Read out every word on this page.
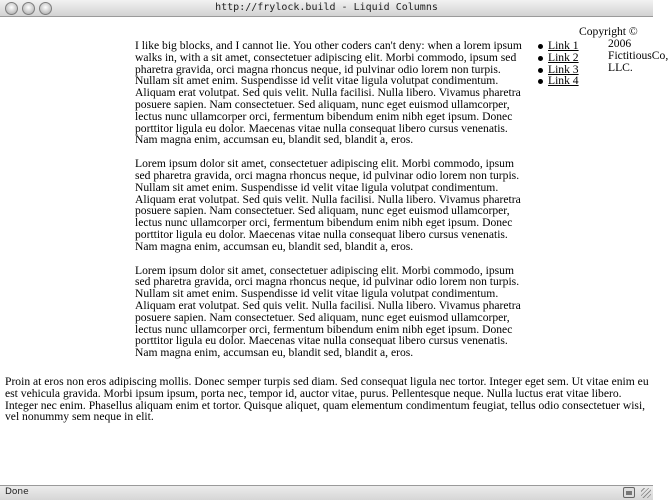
http://frylock.build - Liquid Columns

I like big blocks, and I cannot lie. You other coders can't deny: when a lorem ipsum walks in, with a sit amet, consectetuer adipiscing elit. Morbi commodo, ipsum sed pharetra gravida, orci magna rhoncus neque, id pulvinar odio lorem non turpis. Nullam sit amet enim. Suspendisse id velit vitae ligula volutpat condimentum. Aliquam erat volutpat. Sed quis velit. Nulla facilisi. Nulla libero. Vivamus pharetra posuere sapien. Nam consectetuer. Sed aliquam, nunc eget euismod ullamcorper, lectus nunc ullamcorper orci, fermentum bibendum enim nibh eget ipsum. Donec porttitor ligula eu dolor. Maecenas vitae nulla consequat libero cursus venenatis. Nam magna enim, accumsan eu, blandit sed, blandit a, eros.

Lorem ipsum dolor sit amet, consectetuer adipiscing elit. Morbi commodo, ipsum sed pharetra gravida, orci magna rhoncus neque, id pulvinar odio lorem non turpis. Nullam sit amet enim. Suspendisse id velit vitae ligula volutpat condimentum. Aliquam erat volutpat. Sed quis velit. Nulla facilisi. Nulla libero. Vivamus pharetra posuere sapien. Nam consectetuer. Sed aliquam, nunc eget euismod ullamcorper, lectus nunc ullamcorper orci, fermentum bibendum enim nibh eget ipsum. Donec porttitor ligula eu dolor. Maecenas vitae nulla consequat libero cursus venenatis. Nam magna enim, accumsan eu, blandit sed, blandit a, eros.

Lorem ipsum dolor sit amet, consectetuer adipiscing elit. Morbi commodo, ipsum sed pharetra gravida, orci magna rhoncus neque, id pulvinar odio lorem non turpis. Nullam sit amet enim. Suspendisse id velit vitae ligula volutpat condimentum. Aliquam erat volutpat. Sed quis velit. Nulla facilisi. Nulla libero. Vivamus pharetra posuere sapien. Nam consectetuer. Sed aliquam, nunc eget euismod ullamcorper, lectus nunc ullamcorper orci, fermentum bibendum enim nibh eget ipsum. Donec porttitor ligula eu dolor. Maecenas vitae nulla consequat libero cursus venenatis. Nam magna enim, accumsan eu, blandit sed, blandit a, eros.

Copyright ©
2006 FictitiousCo, LLC.
Link 1
Link 2
Link 3
Link 4
Proin at eros non eros adipiscing mollis. Donec semper turpis sed diam. Sed consequat ligula nec tortor. Integer eget sem. Ut vitae enim eu est vehicula gravida. Morbi ipsum ipsum, porta nec, tempor id, auctor vitae, purus. Pellentesque neque. Nulla luctus erat vitae libero. Integer nec enim. Phasellus aliquam enim et tortor. Quisque aliquet, quam elementum condimentum feugiat, tellus odio consectetuer wisi, vel nonummy sem neque in elit.
Done
